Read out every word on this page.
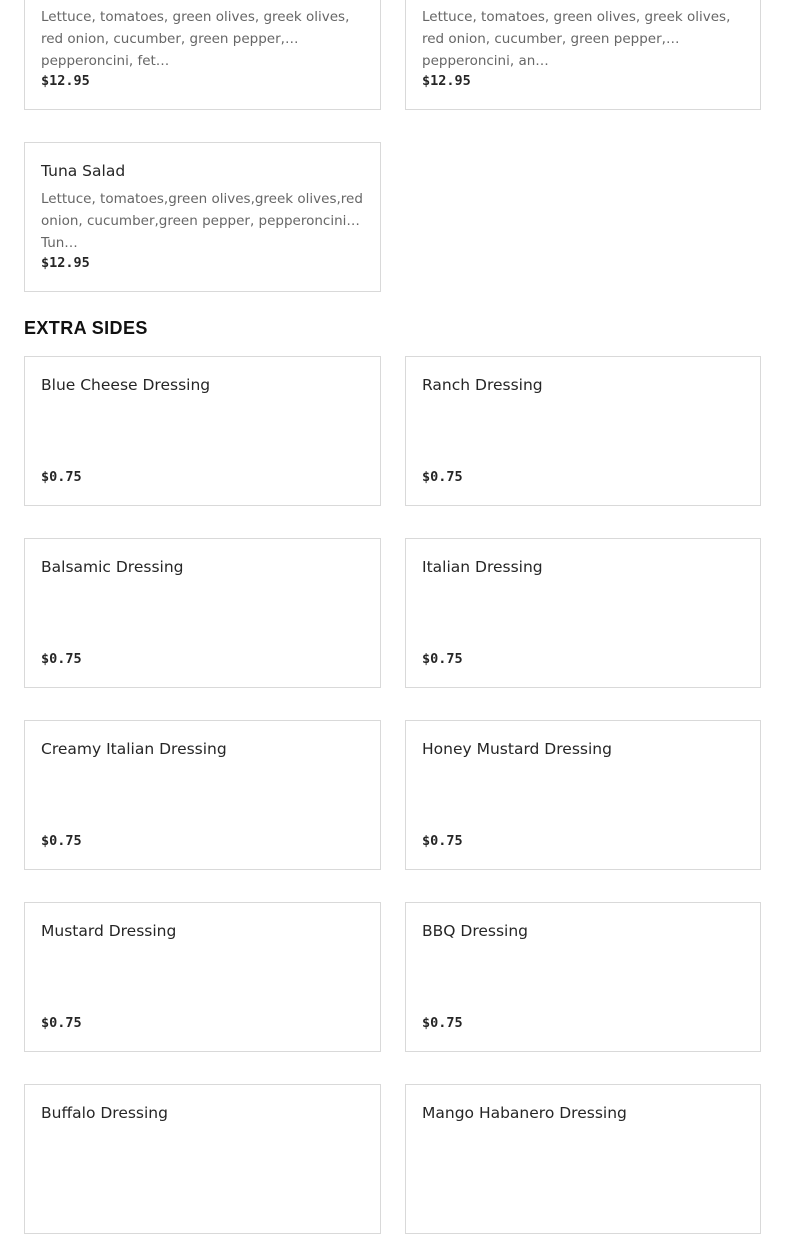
Lettuce, tomatoes, green olives, greek olives, red onion, cucumber, green pepper, pepperoncini, fet…
$12.95
Lettuce, tomatoes, green olives, greek olives, red onion, cucumber, green pepper, pepperoncini, an…
$12.95
Tuna Salad
Lettuce, tomatoes,green olives,greek olives,red onion, cucumber,green pepper, pepperoncini, Tun…
$12.95
EXTRA SIDES
Blue Cheese Dressing
$0.75
Ranch Dressing
$0.75
Balsamic Dressing
$0.75
Italian Dressing
$0.75
Creamy Italian Dressing
$0.75
Honey Mustard Dressing
$0.75
Mustard Dressing
$0.75
BBQ Dressing
$0.75
Buffalo Dressing	Mango Habanero Dressing
